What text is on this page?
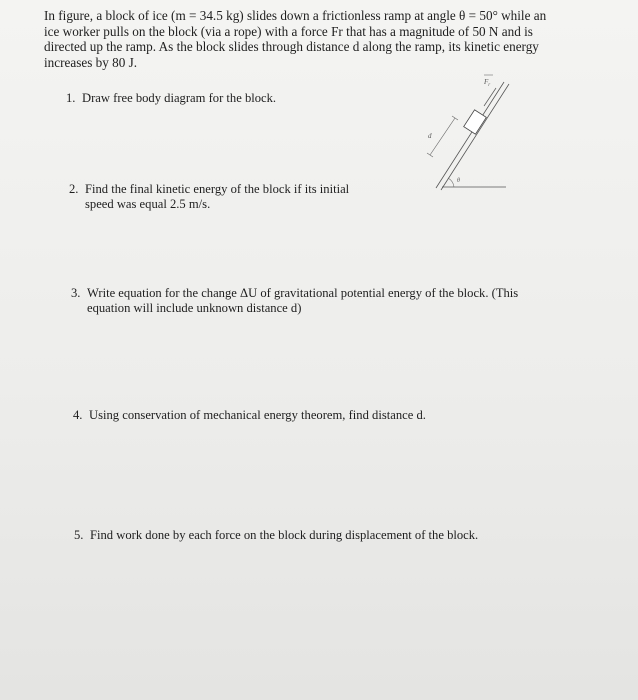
In figure, a block of ice (m = 34.5 kg) slides down a frictionless ramp at angle θ = 50° while an ice worker pulls on the block (via a rope) with a force Fr that has a magnitude of 50 N and is directed up the ramp. As the block slides through distance d along the ramp, its kinetic energy increases by 80 J.
1. Draw free body diagram for the block.
2. Find the final kinetic energy of the block if its initial
speed was equal 2.5 m/s.
3. Write equation for the change ΔU of gravitational potential energy of the block. (This
equation will include unknown distance d)
4. Using conservation of mechanical energy theorem, find distance d.
5. Find work done by each force on the block during displacement of the block.
d
θ
$F_r$
